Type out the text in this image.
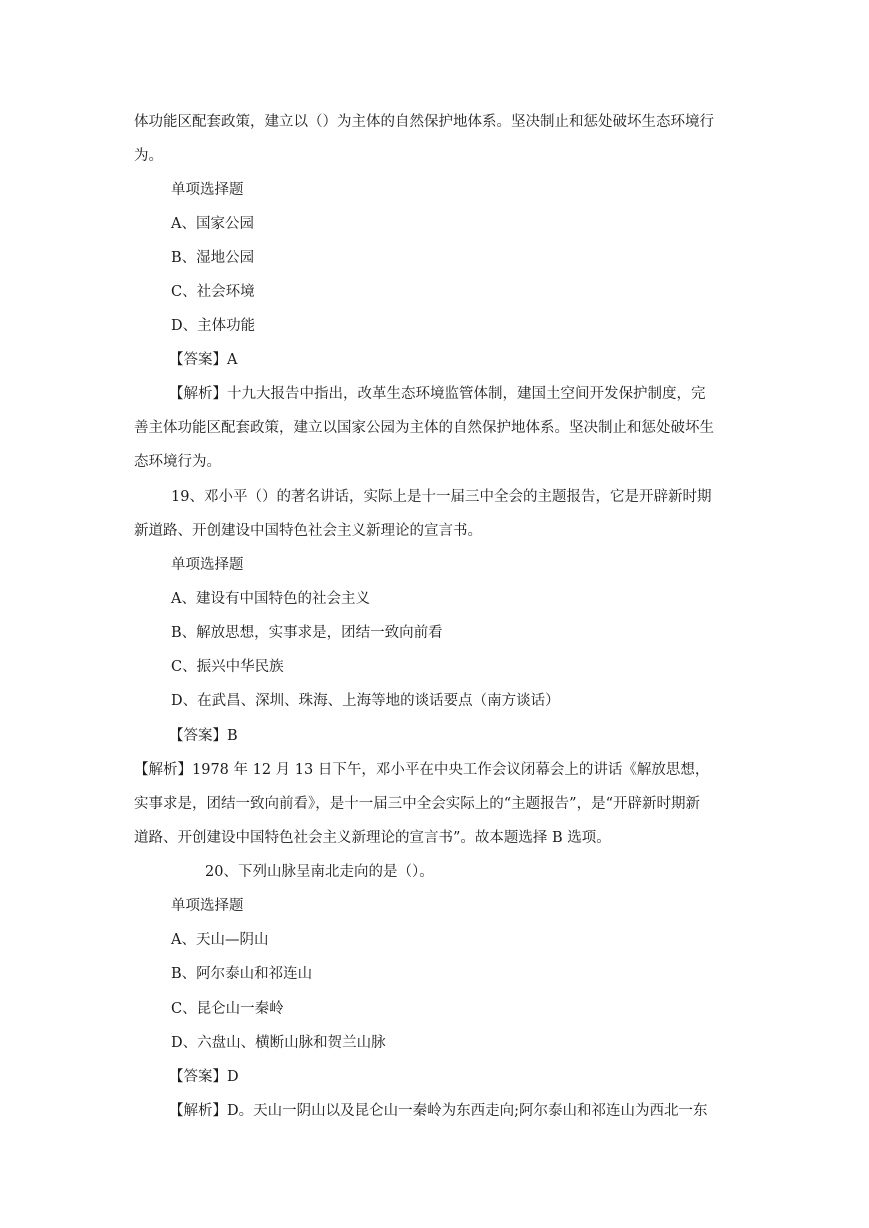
体功能区配套政策，建立以（）为主体的自然保护地体系。坚决制止和惩处破坏生态环境行
为。
单项选择题
A、国家公园
B、湿地公园
C、社会环境
D、主体功能
【答案】A
【解析】十九大报告中指出，改革生态环境监管体制，建国土空间开发保护制度，完
善主体功能区配套政策，建立以国家公园为主体的自然保护地体系。坚决制止和惩处破坏生
态环境行为。
19、邓小平（）的著名讲话，实际上是十一届三中全会的主题报告，它是开辟新时期
新道路、开创建设中国特色社会主义新理论的宣言书。
单项选择题
A、建设有中国特色的社会主义
B、解放思想，实事求是，团结一致向前看
C、振兴中华民族
D、在武昌、深圳、珠海、上海等地的谈话要点（南方谈话）
【答案】B
【解析】1978 年 12 月 13 日下午，邓小平在中央工作会议闭幕会上的讲话《解放思想，
实事求是，团结一致向前看》，是十一届三中全会实际上的“主题报告”，是“开辟新时期新
道路、开创建设中国特色社会主义新理论的宣言书”。故本题选择 B 选项。
20、下列山脉呈南北走向的是（）。
单项选择题
A、天山—阴山
B、阿尔泰山和祁连山
C、昆仑山一秦岭
D、六盘山、横断山脉和贺兰山脉
【答案】D
【解析】D。天山一阴山以及昆仑山一秦岭为东西走向;阿尔泰山和祁连山为西北一东
